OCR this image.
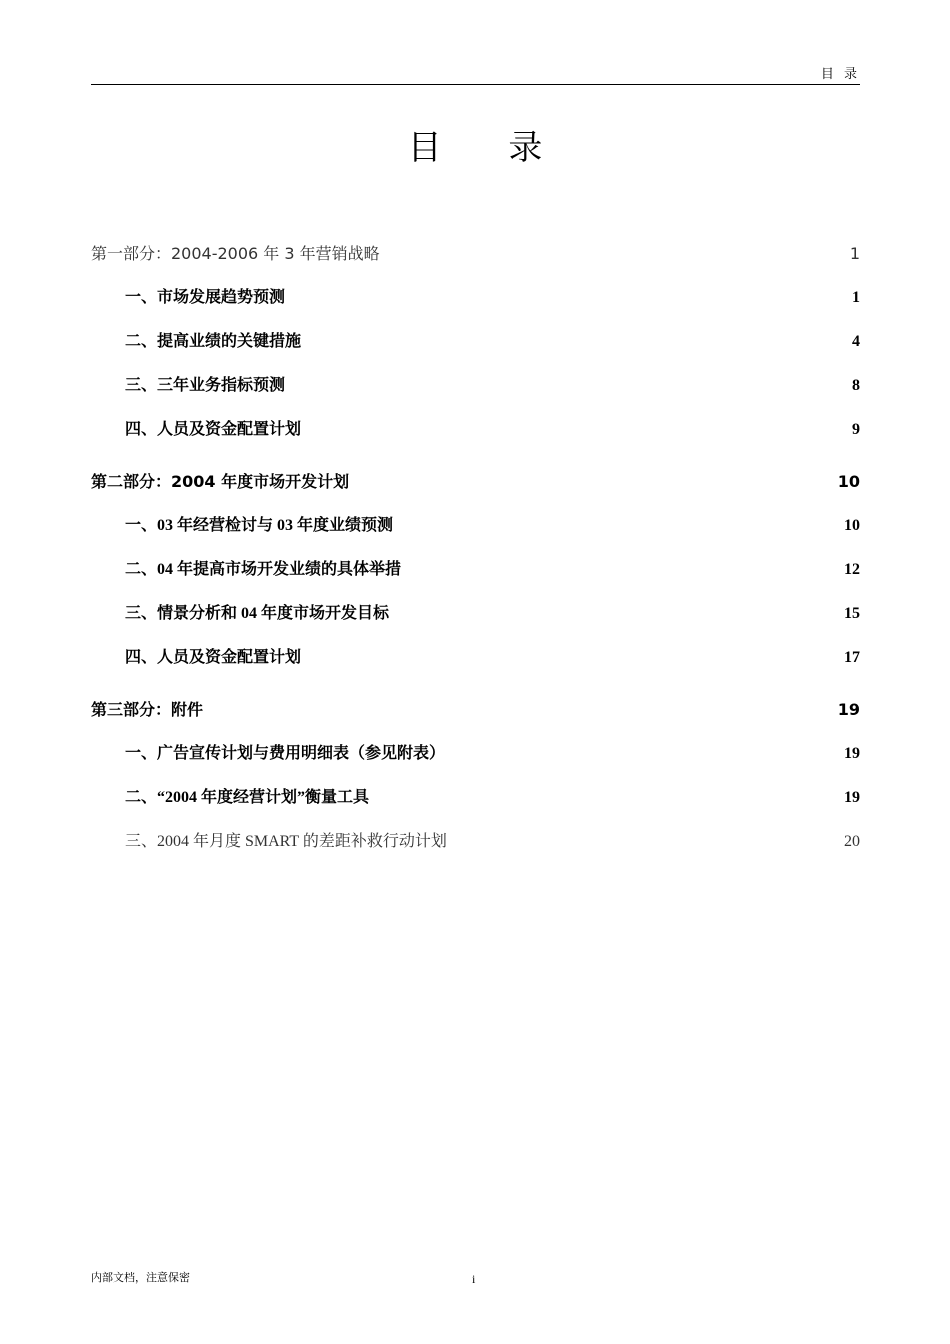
目 录
目 录
第一部分：2004-2006 年 3 年营销战略	1
一、市场发展趋势预测	1
二、提高业绩的关键措施	4
三、三年业务指标预测	8
四、人员及资金配置计划	9
第二部分：2004 年度市场开发计划	10
一、03 年经营检讨与 03 年度业绩预测	10
二、04 年提高市场开发业绩的具体举措	12
三、情景分析和 04 年度市场开发目标	15
四、人员及资金配置计划	17
第三部分：附件	19
一、广告宣传计划与费用明细表（参见附表）	19
二、“2004 年度经营计划”衡量工具	19
三、2004 年月度 SMART 的差距补救行动计划	20
内部文档，注意保密	i
